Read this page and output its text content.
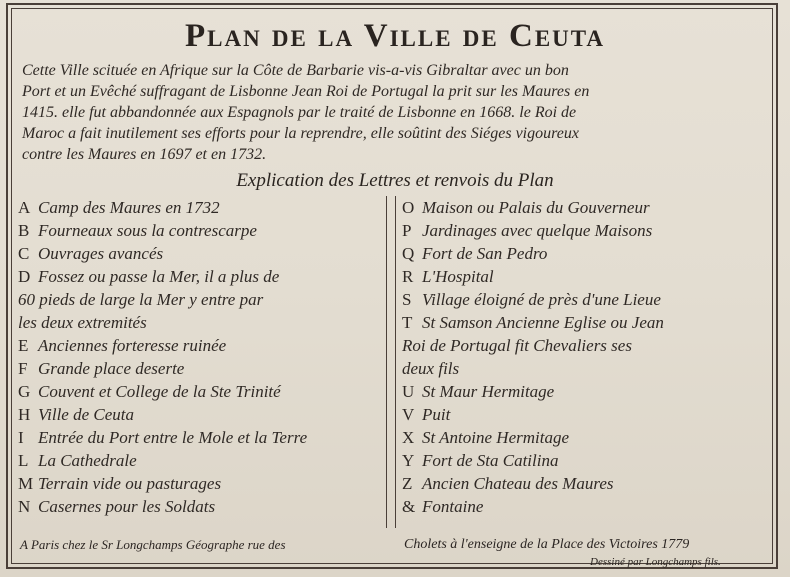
Plan de la Ville de Ceuta
Cette Ville scituée en Afrique sur la Côte de Barbarie vis-a-vis Gibraltar avec un bon
Port et un Evêché suffragant de Lisbonne Jean Roi de Portugal la prit sur les Maures en
1415. elle fut abbandonnée aux Espagnols par le traité de Lisbonne en 1668. le Roi de
Maroc a fait inutilement ses efforts pour la reprendre, elle soûtint des Siéges vigoureux
contre les Maures en 1697 et en 1732.
Explication des Lettres et renvois du Plan
A Camp des Maures en 1732
B Fourneaux sous la contrescarpe
C Ouvrages avancés
D Fossez ou passe la Mer, il a plus de
60 pieds de large la Mer y entre par
les deux extremités
E Anciennes forteresse ruinée
F Grande place deserte
G Couvent et College de la Ste Trinité
H Ville de Ceuta
I Entrée du Port entre le Mole et la Terre
L La Cathedrale
M Terrain vide ou pasturages
N Casernes pour les Soldats
O Maison ou Palais du Gouverneur
P Jardinages avec quelque Maisons
Q Fort de San Pedro
R L'Hospital
S Village éloigné de près d'une Lieue
T St Samson Ancienne Eglise ou Jean
Roi de Portugal fit Chevaliers ses
deux fils
U St Maur Hermitage
V Puit
X St Antoine Hermitage
Y Fort de Sta Catilina
Z Ancien Chateau des Maures
& Fontaine
A Paris chez le Sr Longchamps Géographe rue des	Cholets à l'enseigne de la Place des Victoires 1779
Dessiné par Longchamps fils.
